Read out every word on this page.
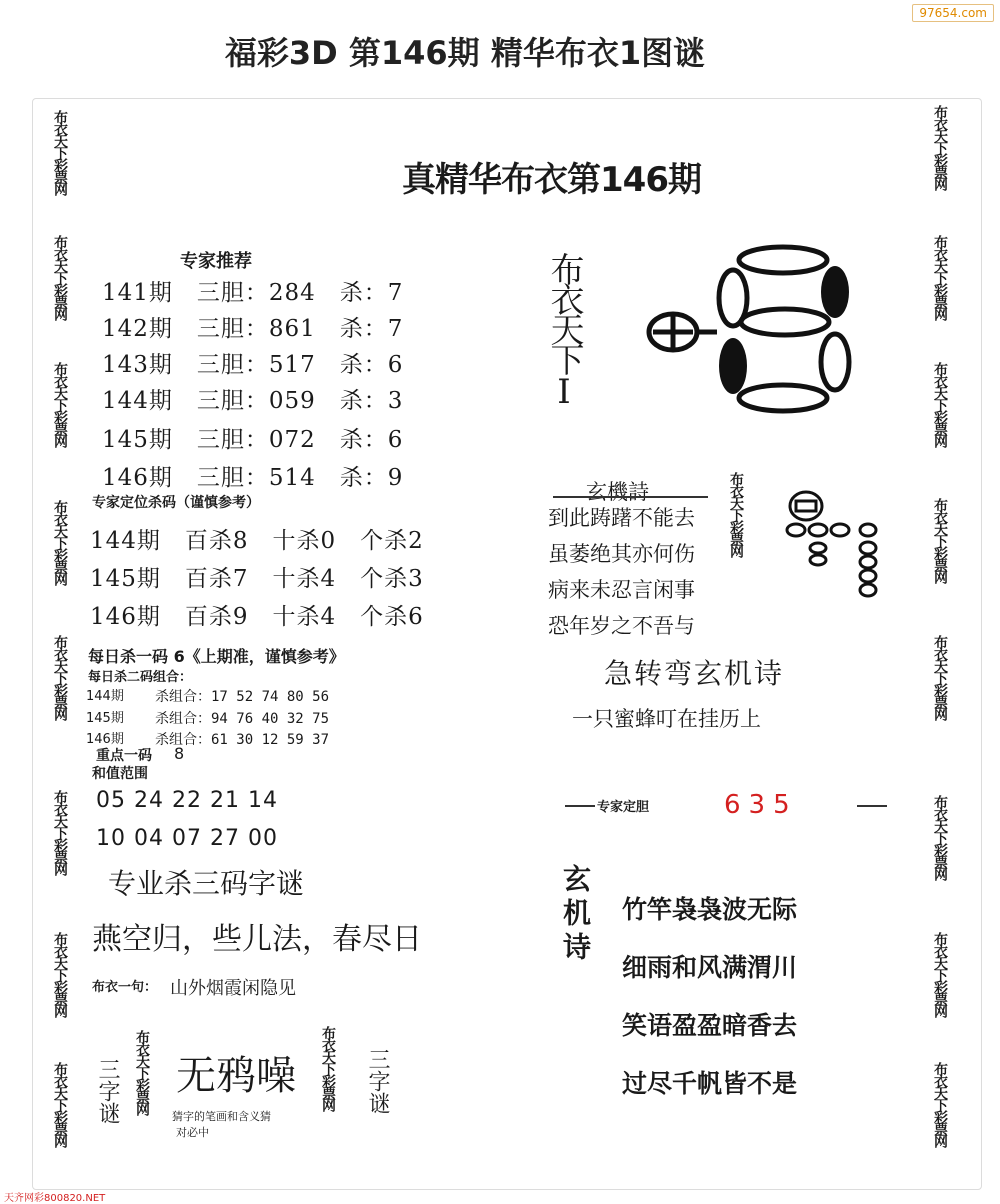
福彩3D 第146期 精华布衣1图谜
97654.com
布衣天下彩票网
布衣天下彩票网
布衣天下彩票网
布衣天下彩票网
布衣天下彩票网
布衣天下彩票网
布衣天下彩票网
布衣天下彩票网
布衣天下彩票网
布衣天下彩票网
布衣天下彩票网
布衣天下彩票网
布衣天下彩票网
布衣天下彩票网
布衣天下彩票网
布衣天下彩票网
真精华布衣第146期
专家推荐
141期　三胆：284　杀：7
142期　三胆：861　杀：7
143期　三胆：517　杀：6
144期　三胆：059　杀：3
145期　三胆：072　杀：6
146期　三胆：514　杀：9
专家定位杀码（谨慎参考）
144期　百杀8　十杀0　个杀2
145期　百杀7　十杀4　个杀3
146期　百杀9　十杀4　个杀6
每日杀一码 6《上期准，谨慎参考》
每日杀二码组合：
144期 杀组合：17 52 74 80 56
145期 杀组合：94 76 40 32 75
146期 杀组合：61 30 12 59 37
重点一码 8
和值范围
05 24 22 21 14
10 04 07 27 00
专业杀三码字谜
燕空归，些儿法，春尽日
布衣一句： 山外烟霞闲隐见
三字谜 布衣天下彩票网 无鸦噪
猜字的笔画和含义猜
对必中
布衣天下彩票网 三字谜
布衣天下Ⅰ
玄機詩
到此踌躇不能去
虽萎绝其亦何伤
病来未忍言闲事
恐年岁之不吾与
布衣天下彩票网
急转弯玄机诗
一只蜜蜂叮在挂历上
专家定胆	635
玄机诗 竹竿袅袅波无际
细雨和风满渭川
笑语盈盈暗香去
过尽千帆皆不是
天齐网彩800820.NET
